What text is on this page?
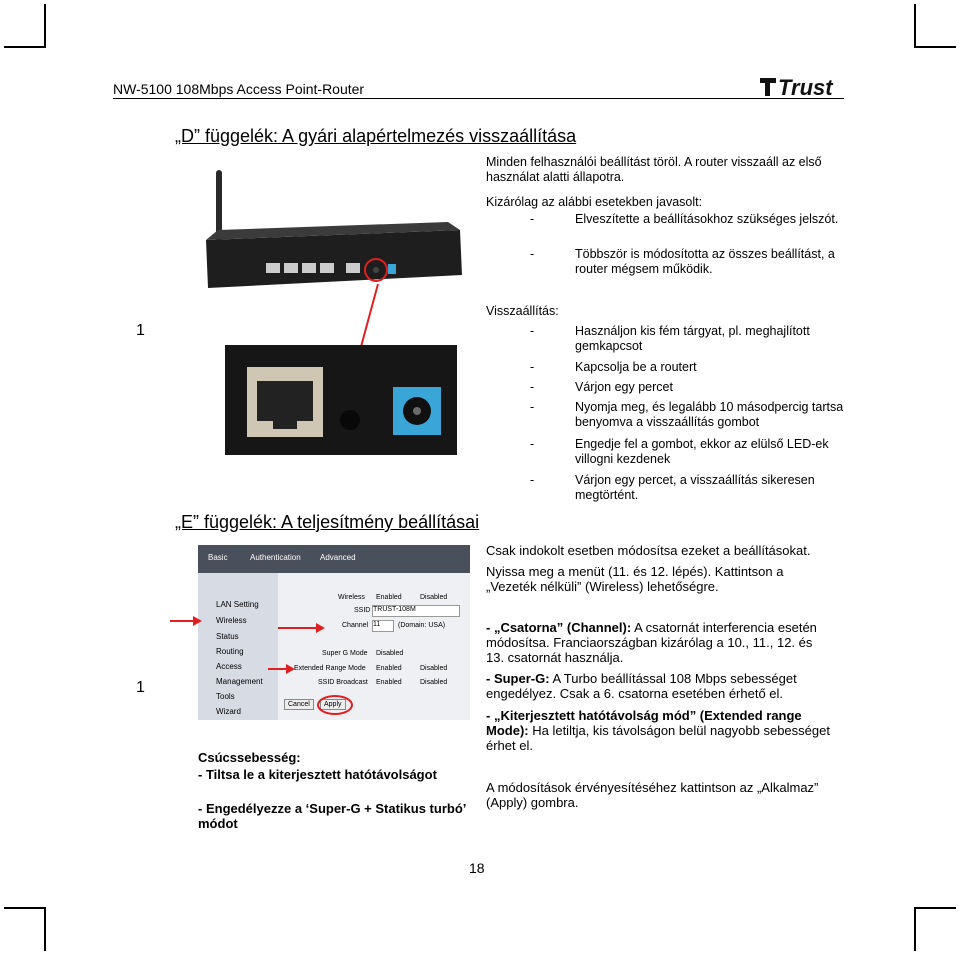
NW-5100 108Mbps Access Point-Router	Trust
„D” függelék: A gyári alapértelmezés visszaállítása
1
Minden felhasználói beállítást töröl. A router visszaáll az első használat alatti állapotra.
Kizárólag az alábbi esetekben javasolt:
-	Elveszítette a beállításokhoz szükséges jelszót.
-	Többször is módosította az összes beállítást, a router mégsem működik.
Visszaállítás:
-	Használjon kis fém tárgyat, pl. meghajlított gemkapcsot
-	Kapcsolja be a routert
-	Várjon egy percet
-	Nyomja meg, és legalább 10 másodpercig tartsa benyomva a visszaállítás gombot
-	Engedje fel a gombot, ekkor az elülső LED-ek villogni kezdenek
-	Várjon egy percet, a visszaállítás sikeresen megtörtént.
„E” függelék: A teljesítmény beállításai
1
Csak indokolt esetben módosítsa ezeket a beállításokat.
Nyissa meg a menüt (11. és 12. lépés). Kattintson a „Vezeték nélküli” (Wireless) lehetőségre.
- „Csatorna” (Channel): A csatornát interferencia esetén módosítsa. Franciaországban kizárólag a 10., 11., 12. és 13. csatornát használja.
- Super-G: A Turbo beállítással 108 Mbps sebességet engedélyez. Csak a 6. csatorna esetében érhető el.
- „Kiterjesztett hatótávolság mód” (Extended range Mode): Ha letiltja, kis távolságon belül nagyobb sebességet érhet el.
A módosítások érvényesítéséhez kattintson az „Alkalmaz” (Apply) gombra.
Csúcssebesség:
- Tiltsa le a kiterjesztett hatótávolságot
- Engedélyezze a ‘Super-G + Statikus turbó’ módot
Basic	Authentication Advanced
LAN Setting
Wireless
Status
Routing
Access
Management
Tools
Wizard
Wireless Enabled	Disabled
SSID TRUST-108M
Channel 11	(Domain: USA)
Super G Mode Disabled
Extended Range Mode Enabled	Disabled
SSID Broadcast Enabled	Disabled
Cancel	Apply
18
